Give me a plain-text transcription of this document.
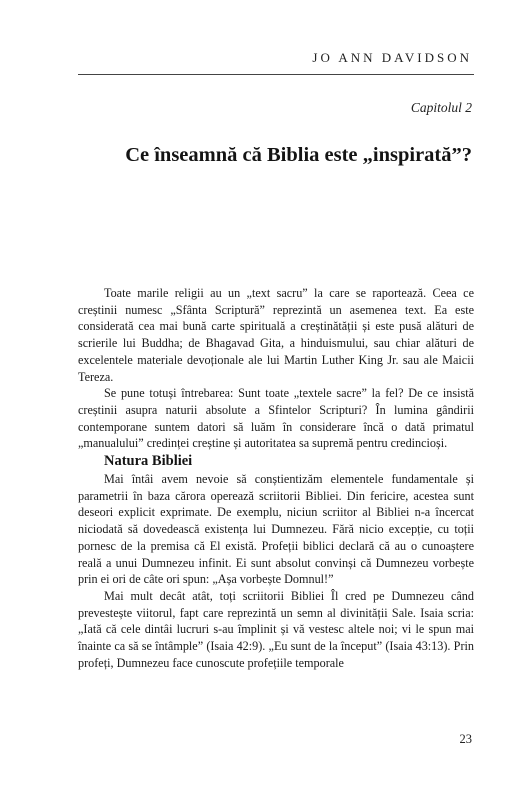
JO ANN DAVIDSON
Capitolul 2
Ce înseamnă că Biblia este „inspirată”?

Toate marile religii au un „text sacru” la care se raportează. Ceea ce creștinii numesc „Sfânta Scriptură” reprezintă un asemenea text. Ea este considerată cea mai bună carte spirituală a creștinătății și este pusă alături de scrierile lui Buddha; de Bhagavad Gita, a hinduismului, sau chiar alături de excelentele materiale devoționale ale lui Martin Luther King Jr. sau ale Maicii Tereza.

Se pune totuși întrebarea: Sunt toate „textele sacre” la fel? De ce insistă creștinii asupra naturii absolute a Sfintelor Scripturi? În lumina gândirii contemporane suntem datori să luăm în considerare încă o dată primatul „manualului” credinței creștine și autoritatea sa supremă pentru credincioși.

Natura Bibliei

Mai întâi avem nevoie să conștientizăm elementele fundamentale și parametrii în baza cărora operează scriitorii Bibliei. Din fericire, acestea sunt deseori explicit exprimate. De exemplu, niciun scriitor al Bibliei n-a încercat niciodată să dovedească existența lui Dumnezeu. Fără nicio excepție, cu toții pornesc de la premisa că El există. Profeții biblici declară că au o cunoaștere reală a unui Dumnezeu infinit. Ei sunt absolut convinși că Dumnezeu vorbește prin ei ori de câte ori spun: „Așa vorbește Domnul!”

Mai mult decât atât, toți scriitorii Bibliei Îl cred pe Dumnezeu când prevestește viitorul, fapt care reprezintă un semn al divinității Sale. Isaia scria: „Iată că cele dintâi lucruri s-au împlinit și vă vestesc altele noi; vi le spun mai înainte ca să se întâmple” (Isaia 42:9). „Eu sunt de la început” (Isaia 43:13). Prin profeți, Dumnezeu face cunoscute profețiile temporale

23
